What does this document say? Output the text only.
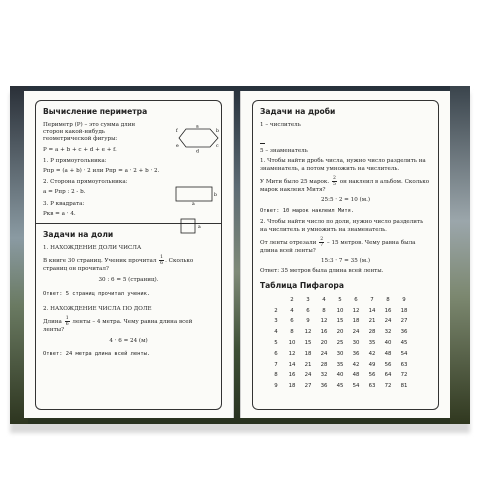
Вычисление периметра
Периметр (P) – это сумма длин сторон какой-нибудь геометрической фигуры:
a
b
c
d
e
f
P = a + b + c + d + e + f.
1. P прямоугольника:
Pпр = (a + b) · 2 или Pпр = a · 2 + b · 2.
2. Сторона прямоугольника:
a = Pпр : 2 - b.
a
b
3. P квадрата:
Pкв = a · 4.
a
Задачи на доли
1. НАХОЖДЕНИЕ ДОЛИ ЧИСЛА
В книге 30 страниц. Ученик прочитал $\frac{1}{6}$ . Сколько страниц он прочитал?
30 : 6 = 5 (страниц).
Ответ: 5 страниц прочитал ученик.
2. НАХОЖДЕНИЕ ЧИСЛА ПО ДОЛЕ
Длина $\frac{1}{6}$ ленты – 4 метра. Чему равна длина всей ленты?
4 · 6 = 24 (м)
Ответ: 24 метра длина всей ленты.
Задачи на дроби
1 – числитель
5 – знаменатель
1. Чтобы найти дробь числа, нужно число разделить на знаменатель, а потом умножить на числитель.
У Мити было 25 марок. $\frac{2}{5}$ он наклеил в альбом. Сколько марок наклеил Митя?
25:5 · 2 = 10 (м.)
Ответ: 10 марок наклеил Митя.
2. Чтобы найти число по доли, нужно число разделить на числитель и умножить на знаменатель.
От ленты отрезали $\frac{2}{7} - 15$ метров. Чему равна была длина всей ленты?
15:3 · 7 = 35 (м.)
Ответ: 35 метров была длина всей ленты.
Таблица Пифагора
	2	3	4	5	6	7	8	9
2	4	6	8	10	12	14	16	18
3	6	9	12	15	18	21	24	27
4	8	12	16	20	24	28	32	36
5	10	15	20	25	30	35	40	45
6	12	18	24	30	36	42	48	54
7	14	21	28	35	42	49	56	63
8	16	24	32	40	48	56	64	72
9	18	27	36	45	54	63	72	81
